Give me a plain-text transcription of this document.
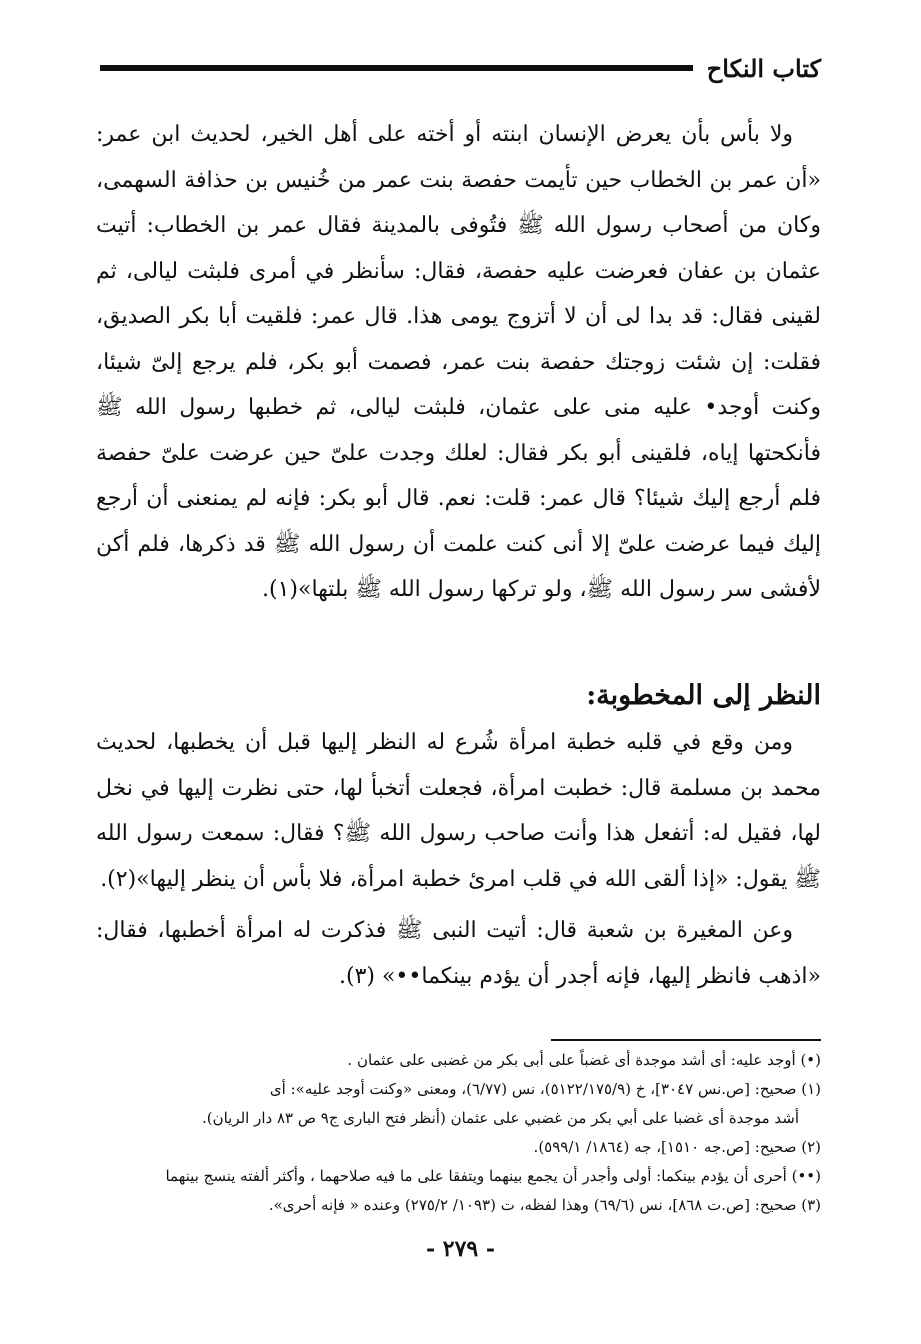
كتاب النكاح

ولا بأس بأن يعرض الإنسان ابنته أو أخته على أهل الخير، لحديث ابن عمر: «أن عمر بن الخطاب حين تأيمت حفصة بنت عمر من خُنيس بن حذافة السهمى، وكان من أصحاب رسول الله ﷺ فتُوفى بالمدينة فقال عمر بن الخطاب: أتيت عثمان بن عفان فعرضت عليه حفصة، فقال: سأنظر في أمرى فلبثت ليالى، ثم لقينى فقال: قد بدا لى أن لا أتزوج يومى هذا. قال عمر: فلقيت أبا بكر الصديق، فقلت: إن شئت زوجتك حفصة بنت عمر، فصمت أبو بكر، فلم يرجع إلىّ شيئا، وكنت أوجد• عليه منى على عثمان، فلبثت ليالى، ثم خطبها رسول الله ﷺ فأنكحتها إياه، فلقينى أبو بكر فقال: لعلك وجدت علىّ حين عرضت علىّ حفصة فلم أرجع إليك شيئا؟ قال عمر: قلت: نعم. قال أبو بكر: فإنه لم يمنعنى أن أرجع إليك فيما عرضت علىّ إلا أنى كنت علمت أن رسول الله ﷺ قد ذكرها، فلم أكن لأفشى سر رسول الله ﷺ، ولو تركها رسول الله ﷺ بلتها»(١).

النظر إلى المخطوبة:

ومن وقع في قلبه خطبة امرأة شُرع له النظر إليها قبل أن يخطبها، لحديث محمد بن مسلمة قال: خطبت امرأة، فجعلت أتخبأ لها، حتى نظرت إليها في نخل لها، فقيل له: أتفعل هذا وأنت صاحب رسول الله ﷺ؟ فقال: سمعت رسول الله ﷺ يقول: «إذا ألقى الله في قلب امرئ خطبة امرأة، فلا بأس أن ينظر إليها»(٢).

وعن المغيرة بن شعبة قال: أتيت النبى ﷺ فذكرت له امرأة أخطبها، فقال: «اذهب فانظر إليها، فإنه أجدر أن يؤدم بينكما••» (٣).

(•) أوجد عليه: أى أشد موجدة أى غضباً على أبى بكر من غضبى على عثمان .

(١) صحيح: [ص.نس ٣٠٤٧]، خ (٥١٢٢/١٧٥/٩)، نس (٦/٧٧)، ومعنى «وكنت أوجد عليه»: أى

أشد موجدة أى غضبا على أبي بكر من غضبي على عثمان (أنظر فتح البارى ج٩ ص ٨٣ دار الريان).

(٢) صحيح: [ص.جه ١٥١٠]، جه (١٨٦٤/ ٥٩٩/١).

(••) أحرى أن يؤدم بينكما: أولى وأجدر أن يجمع بينهما ويتفقا على ما فيه صلاحهما ، وأكثر ألفته ينسج بينهما

(٣) صحيح: [ص.ت ٨٦٨]، نس (٦٩/٦) وهذا لفظه، ت (١٠٩٣/ ٢٧٥/٢) وعنده « فإنه أحرى».

- ٢٧٩ -
